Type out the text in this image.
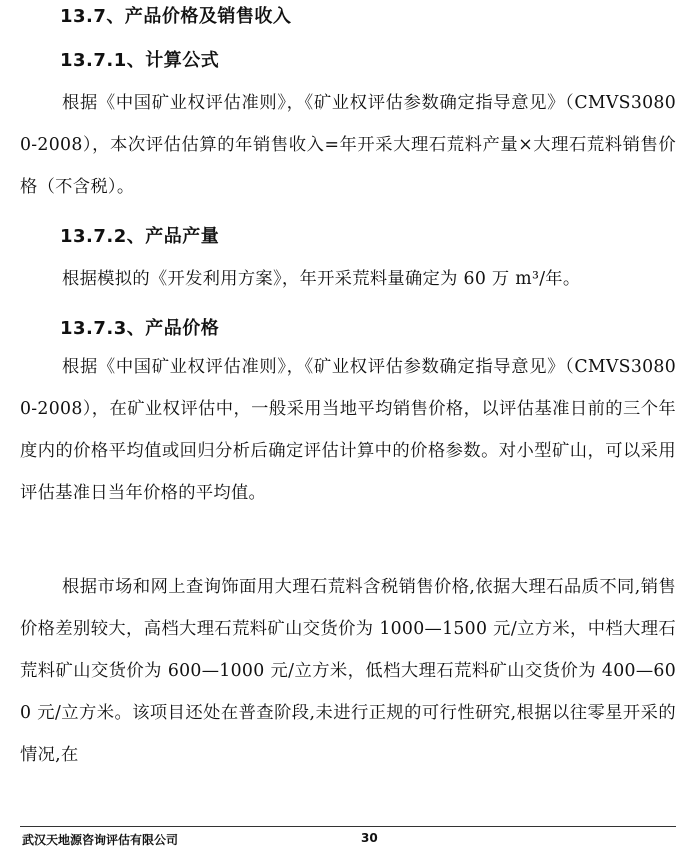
13.7、产品价格及销售收入
13.7.1、计算公式
根据《中国矿业权评估准则》，《矿业权评估参数确定指导意见》（CMVS30800-2008），本次评估估算的年销售收入=年开采大理石荒料产量×大理石荒料销售价格（不含税）。
13.7.2、产品产量
根据模拟的《开发利用方案》，年开采荒料量确定为 60 万 m³/年。
13.7.3、产品价格
根据《中国矿业权评估准则》，《矿业权评估参数确定指导意见》（CMVS30800-2008），在矿业权评估中，一般采用当地平均销售价格，以评估基准日前的三个年度内的价格平均值或回归分析后确定评估计算中的价格参数。对小型矿山，可以采用评估基准日当年价格的平均值。
根据市场和网上查询饰面用大理石荒料含税销售价格,依据大理石品质不同,销售价格差别较大，高档大理石荒料矿山交货价为 1000—1500 元/立方米，中档大理石荒料矿山交货价为 600—1000 元/立方米，低档大理石荒料矿山交货价为 400—600 元/立方米。该项目还处在普查阶段,未进行正规的可行性研究,根据以往零星开采的情况,在
武汉天地源咨询评估有限公司	30
